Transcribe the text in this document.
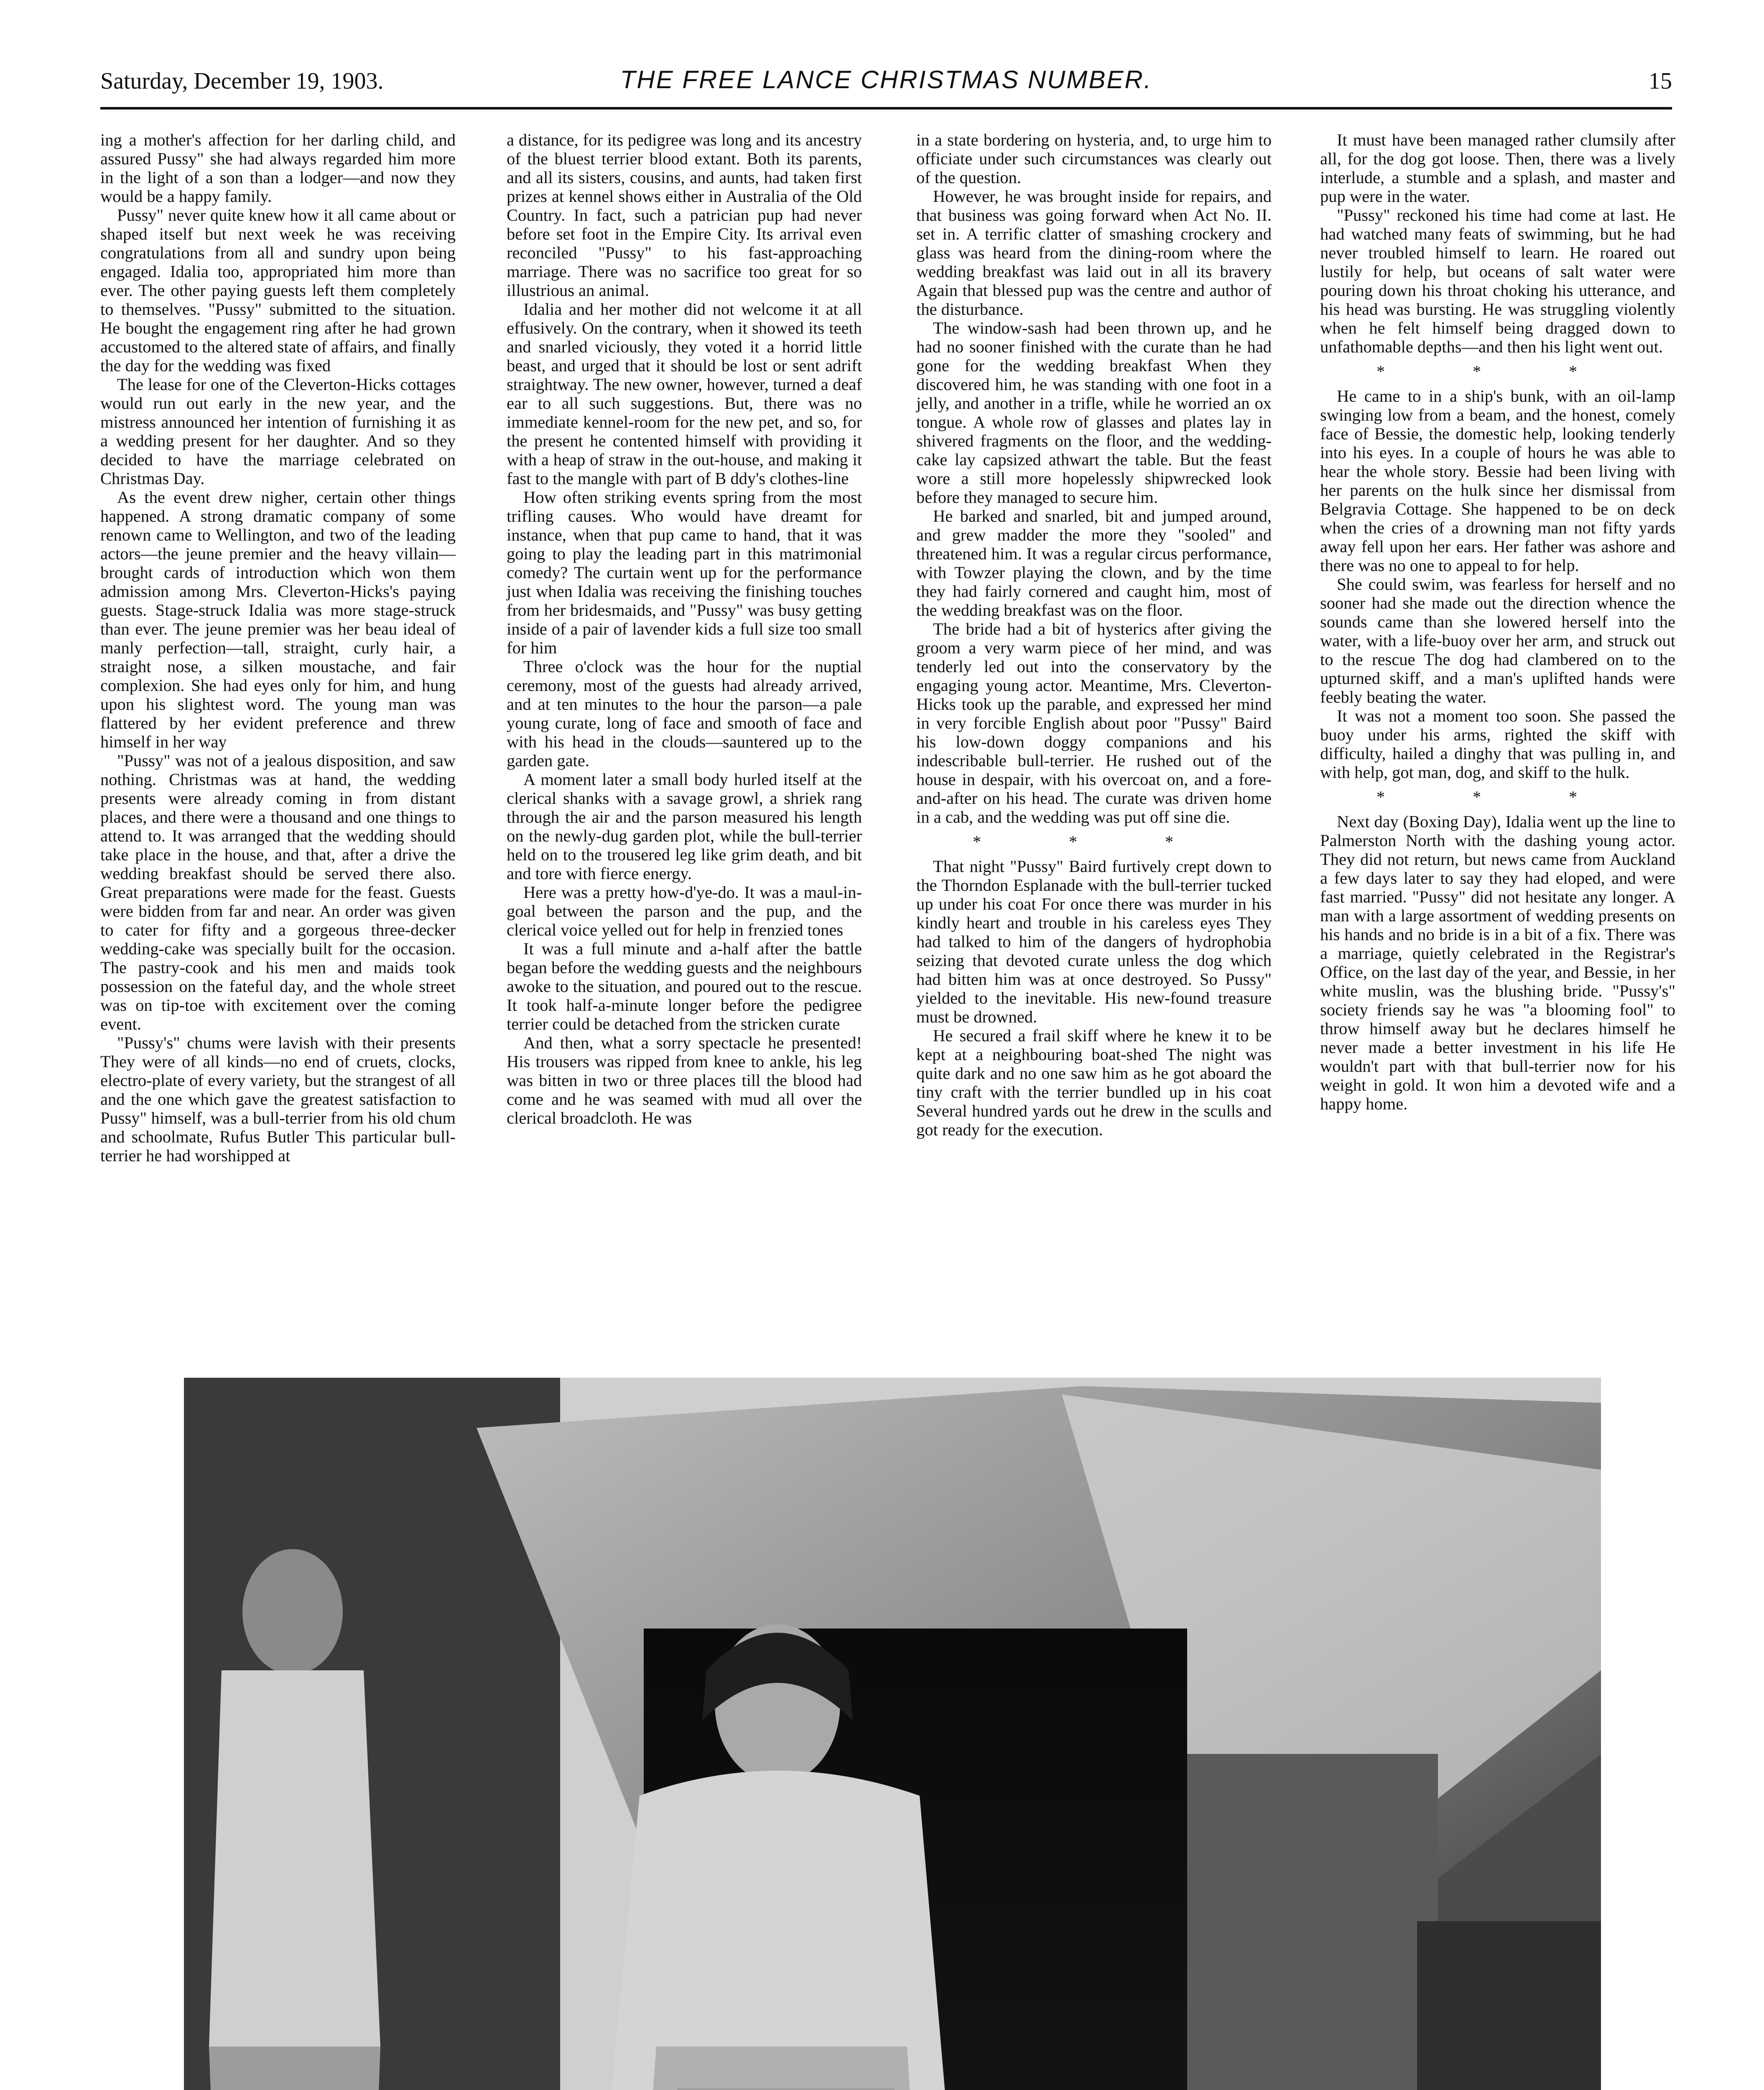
Saturday, December 19, 1903.	THE FREE LANCE CHRISTMAS NUMBER.	15

ing a mother's affection for her darling child, and assured Pussy" she had always regarded him more in the light of a son than a lodger—and now they would be a happy family.

Pussy" never quite knew how it all came about or shaped itself but next week he was receiving congratulations from all and sundry upon being engaged. Idalia too, appropriated him more than ever. The other paying guests left them completely to themselves. "Pussy" submitted to the situation. He bought the engagement ring after he had grown accustomed to the altered state of affairs, and finally the day for the wedding was fixed

The lease for one of the Cleverton-Hicks cottages would run out early in the new year, and the mistress announced her intention of furnishing it as a wedding present for her daughter. And so they decided to have the marriage celebrated on Christmas Day.

As the event drew nigher, certain other things happened. A strong dramatic company of some renown came to Wellington, and two of the leading actors—the jeune premier and the heavy villain—brought cards of introduction which won them admission among Mrs. Cleverton-Hicks's paying guests. Stage-struck Idalia was more stage-struck than ever. The jeune premier was her beau ideal of manly perfection—tall, straight, curly hair, a straight nose, a silken moustache, and fair complexion. She had eyes only for him, and hung upon his slightest word. The young man was flattered by her evident preference and threw himself in her way

"Pussy" was not of a jealous disposition, and saw nothing. Christmas was at hand, the wedding presents were already coming in from distant places, and there were a thousand and one things to attend to. It was arranged that the wedding should take place in the house, and that, after a drive the wedding breakfast should be served there also. Great preparations were made for the feast. Guests were bidden from far and near. An order was given to cater for fifty and a gorgeous three-decker wedding-cake was specially built for the occasion. The pastry-cook and his men and maids took possession on the fateful day, and the whole street was on tip-toe with excitement over the coming event.

"Pussy's" chums were lavish with their presents They were of all kinds—no end of cruets, clocks, electro-plate of every variety, but the strangest of all and the one which gave the greatest satisfaction to Pussy" himself, was a bull-terrier from his old chum and schoolmate, Rufus Butler This particular bull-terrier he had worshipped at

a distance, for its pedigree was long and its ancestry of the bluest terrier blood extant. Both its parents, and all its sisters, cousins, and aunts, had taken first prizes at kennel shows either in Australia of the Old Country. In fact, such a patrician pup had never before set foot in the Empire City. Its arrival even reconciled "Pussy" to his fast-approaching marriage. There was no sacrifice too great for so illustrious an animal.

Idalia and her mother did not welcome it at all effusively. On the contrary, when it showed its teeth and snarled viciously, they voted it a horrid little beast, and urged that it should be lost or sent adrift straightway. The new owner, however, turned a deaf ear to all such suggestions. But, there was no immediate kennel-room for the new pet, and so, for the present he contented himself with providing it with a heap of straw in the out-house, and making it fast to the mangle with part of B ddy's clothes-line

How often striking events spring from the most trifling causes. Who would have dreamt for instance, when that pup came to hand, that it was going to play the leading part in this matrimonial comedy? The curtain went up for the performance just when Idalia was receiving the finishing touches from her bridesmaids, and "Pussy" was busy getting inside of a pair of lavender kids a full size too small for him

Three o'clock was the hour for the nuptial ceremony, most of the guests had already arrived, and at ten minutes to the hour the parson—a pale young curate, long of face and smooth of face and with his head in the clouds—sauntered up to the garden gate.

A moment later a small body hurled itself at the clerical shanks with a savage growl, a shriek rang through the air and the parson measured his length on the newly-dug garden plot, while the bull-terrier held on to the trousered leg like grim death, and bit and tore with fierce energy.

Here was a pretty how-d'ye-do. It was a maul-in-goal between the parson and the pup, and the clerical voice yelled out for help in frenzied tones

It was a full minute and a-half after the battle began before the wedding guests and the neighbours awoke to the situation, and poured out to the rescue. It took half-a-minute longer before the pedigree terrier could be detached from the stricken curate

And then, what a sorry spectacle he presented! His trousers was ripped from knee to ankle, his leg was bitten in two or three places till the blood had come and he was seamed with mud all over the clerical broadcloth. He was

in a state bordering on hysteria, and, to urge him to officiate under such circumstances was clearly out of the question.

However, he was brought inside for repairs, and that business was going forward when Act No. II. set in. A terrific clatter of smashing crockery and glass was heard from the dining-room where the wedding breakfast was laid out in all its bravery Again that blessed pup was the centre and author of the disturbance.

The window-sash had been thrown up, and he had no sooner finished with the curate than he had gone for the wedding breakfast When they discovered him, he was standing with one foot in a jelly, and another in a trifle, while he worried an ox tongue. A whole row of glasses and plates lay in shivered fragments on the floor, and the wedding-cake lay capsized athwart the table. But the feast wore a still more hopelessly shipwrecked look before they managed to secure him.

He barked and snarled, bit and jumped around, and grew madder the more they "sooled" and threatened him. It was a regular circus performance, with Towzer playing the clown, and by the time they had fairly cornered and caught him, most of the wedding breakfast was on the floor.

The bride had a bit of hysterics after giving the groom a very warm piece of her mind, and was tenderly led out into the conservatory by the engaging young actor. Meantime, Mrs. Cleverton-Hicks took up the parable, and expressed her mind in very forcible English about poor "Pussy" Baird his low-down doggy companions and his indescribable bull-terrier. He rushed out of the house in despair, with his overcoat on, and a fore-and-after on his head. The curate was driven home in a cab, and the wedding was put off sine die.

* * *

That night "Pussy" Baird furtively crept down to the Thorndon Esplanade with the bull-terrier tucked up under his coat For once there was murder in his kindly heart and trouble in his careless eyes They had talked to him of the dangers of hydrophobia seizing that devoted curate unless the dog which had bitten him was at once destroyed. So Pussy" yielded to the inevitable. His new-found treasure must be drowned.

He secured a frail skiff where he knew it to be kept at a neighbouring boat-shed The night was quite dark and no one saw him as he got aboard the tiny craft with the terrier bundled up in his coat Several hundred yards out he drew in the sculls and got ready for the execution.

It must have been managed rather clumsily after all, for the dog got loose. Then, there was a lively interlude, a stumble and a splash, and master and pup were in the water.

"Pussy" reckoned his time had come at last. He had watched many feats of swimming, but he had never troubled himself to learn. He roared out lustily for help, but oceans of salt water were pouring down his throat choking his utterance, and his head was bursting. He was struggling violently when he felt himself being dragged down to unfathomable depths—and then his light went out.

* * *

He came to in a ship's bunk, with an oil-lamp swinging low from a beam, and the honest, comely face of Bessie, the domestic help, looking tenderly into his eyes. In a couple of hours he was able to hear the whole story. Bessie had been living with her parents on the hulk since her dismissal from Belgravia Cottage. She happened to be on deck when the cries of a drowning man not fifty yards away fell upon her ears. Her father was ashore and there was no one to appeal to for help.

She could swim, was fearless for herself and no sooner had she made out the direction whence the sounds came than she lowered herself into the water, with a life-buoy over her arm, and struck out to the rescue The dog had clambered on to the upturned skiff, and a man's uplifted hands were feebly beating the water.

It was not a moment too soon. She passed the buoy under his arms, righted the skiff with difficulty, hailed a dinghy that was pulling in, and with help, got man, dog, and skiff to the hulk.

* * *

Next day (Boxing Day), Idalia went up the line to Palmerston North with the dashing young actor. They did not return, but news came from Auckland a few days later to say they had eloped, and were fast married. "Pussy" did not hesitate any longer. A man with a large assortment of wedding presents on his hands and no bride is in a bit of a fix. There was a marriage, quietly celebrated in the Registrar's Office, on the last day of the year, and Bessie, in her white muslin, was the blushing bride. "Pussy's" society friends say he was "a blooming fool" to throw himself away but he declares himself he never made a better investment in his life He wouldn't part with that bull-terrier now for his weight in gold. It won him a devoted wife and a happy home.
